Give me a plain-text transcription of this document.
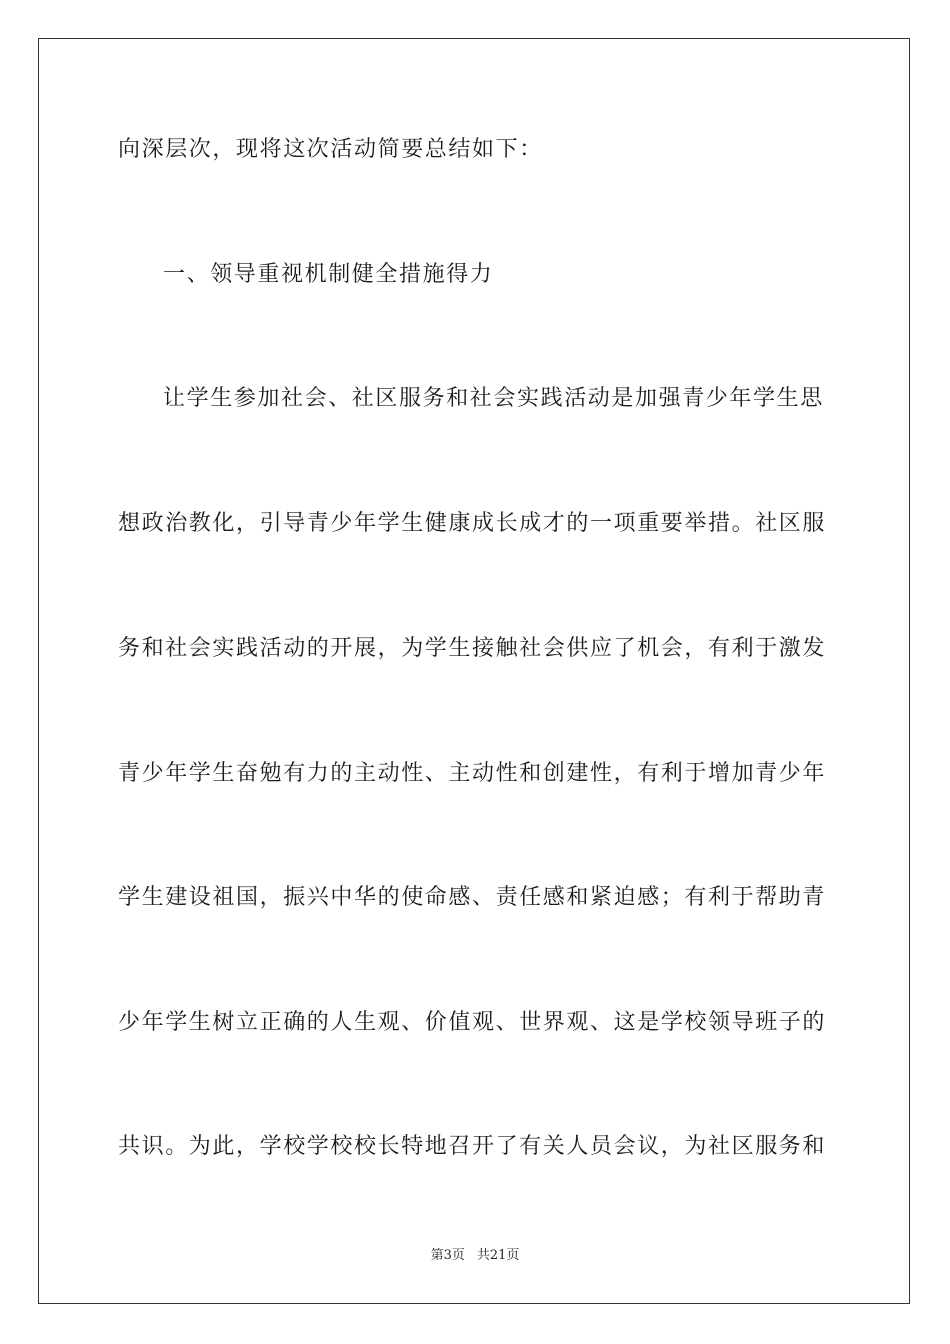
向深层次，现将这次活动简要总结如下：
一、领导重视机制健全措施得力
让学生参加社会、社区服务和社会实践活动是加强青少年学生思
想政治教化，引导青少年学生健康成长成才的一项重要举措。社区服
务和社会实践活动的开展，为学生接触社会供应了机会，有利于激发
青少年学生奋勉有力的主动性、主动性和创建性，有利于增加青少年
学生建设祖国，振兴中华的使命感、责任感和紧迫感；有利于帮助青
少年学生树立正确的人生观、价值观、世界观、这是学校领导班子的
共识。为此，学校学校校长特地召开了有关人员会议，为社区服务和
第3页 共21页
